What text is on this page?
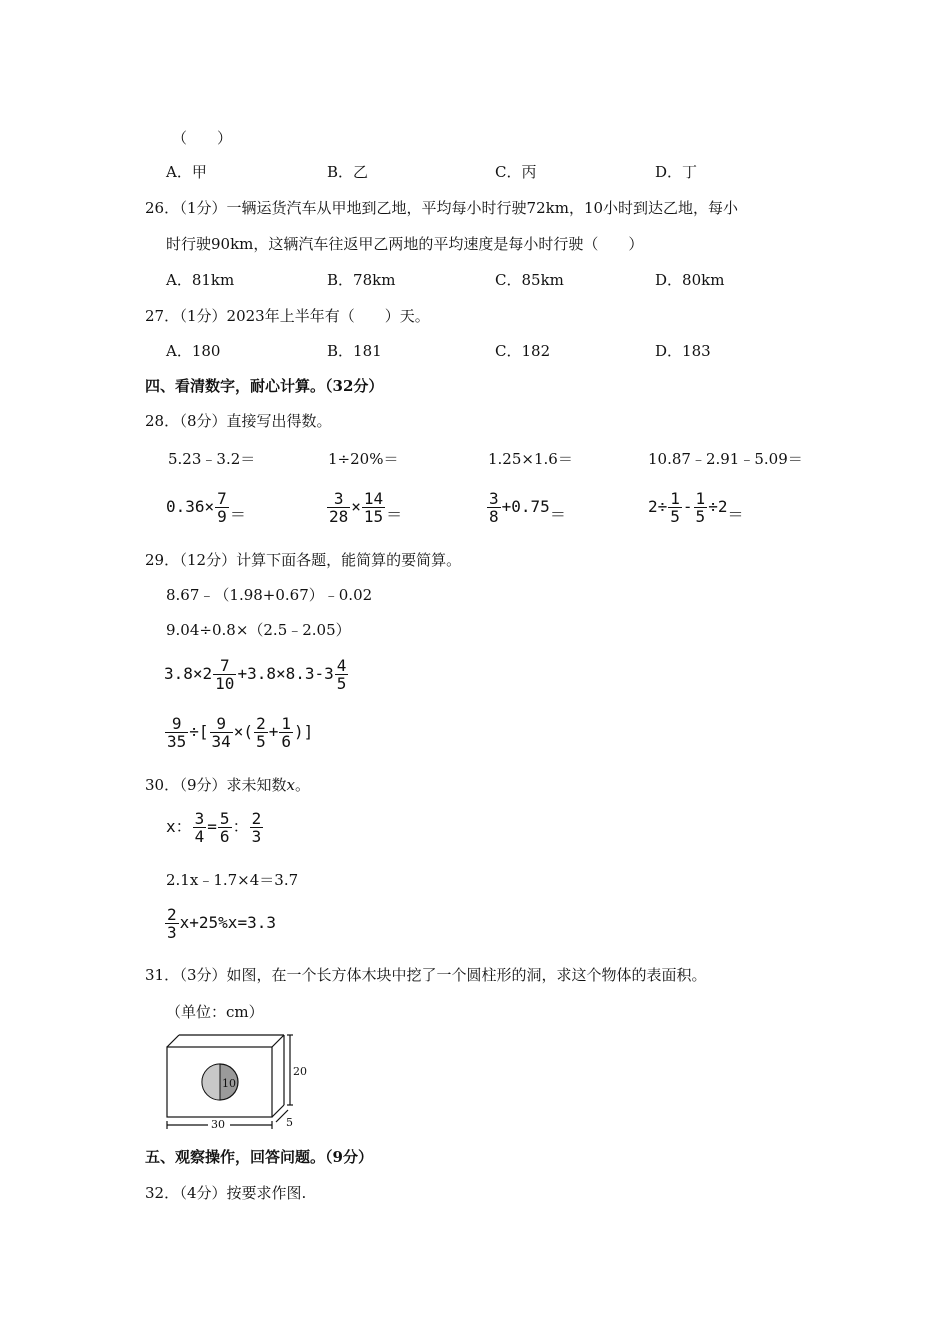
（　　）
A．甲	B．乙	C．丙	D．丁
26．
（1分）一辆运货汽车从甲地到乙地，平均每小时行驶72km，10小时到达乙地，每小
时行驶90km，这辆汽车往返甲乙两地的平均速度是每小时行驶（　　）
A．81km	B．78km	C．85km	D．80km
27．
（1分）2023年上半年有（　　）天。
A．180	B．181	C．182	D．183
四、看清数字，耐心计算。（32分）
28．
（8分）直接写出得数。
5.23﹣3.2＝	1÷20%＝	1.25×1.6＝	10.87﹣2.91﹣5.09＝
$0.36\times \frac{7}{9}$ ＝	$\frac{3}{28} \times \frac{14}{15}$ ＝	$\frac{3}{8} +0.75=$	$2\div \frac{1}{5} - \frac{1}{5} \div 2=$
29．
（12分）计算下面各题，能简算的要简算。
8.67﹣（1.98+0.67）﹣0.02
9.04÷0.8×（2.5﹣2.05）
$3.8\times 2 \frac{7}{10} +3.8\times 8.3-3 \frac{4}{5}$
$\frac{9}{35}$ ÷[ $\frac{9}{34}$ ×( $\frac{2}{5} + \frac{1}{6}$ )]
30．
（9分）求未知数x。
x： $\frac{3}{4} = \frac{5}{6}$ ： $\frac{2}{3}$
2.1x﹣1.7×4＝3.7
$\frac{2}{3} x+25\%x=3.3$
31．
（3分）如图，在一个长方体木块中挖了一个圆柱形的洞，求这个物体的表面积。
（单位：cm）
10
20
30	5
五、观察操作，回答问题。（9分）
32．
（4分）按要求作图.
